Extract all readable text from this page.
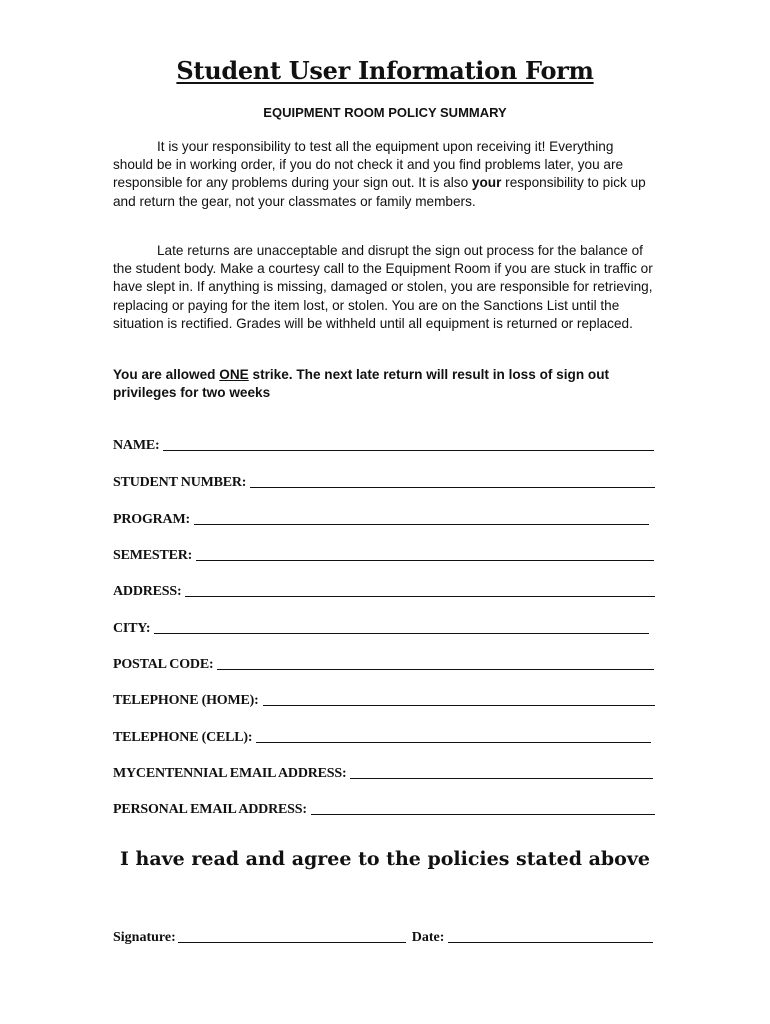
Student User Information Form
EQUIPMENT ROOM POLICY SUMMARY

It is your responsibility to test all the equipment upon receiving it! Everything should be in working order, if you do not check it and you find problems later, you are responsible for any problems during your sign out. It is also your responsibility to pick up and return the gear, not your classmates or family members.

Late returns are unacceptable and disrupt the sign out process for the balance of the student body. Make a courtesy call to the Equipment Room if you are stuck in traffic or have slept in. If anything is missing, damaged or stolen, you are responsible for retrieving, replacing or paying for the item lost, or stolen. You are on the Sanctions List until the situation is rectified. Grades will be withheld until all equipment is returned or replaced.

You are allowed ONE strike. The next late return will result in loss of sign out privileges for two weeks

NAME:
STUDENT NUMBER:
PROGRAM:
SEMESTER:
ADDRESS:
CITY:
POSTAL CODE:
TELEPHONE (HOME):
TELEPHONE (CELL):
MYCENTENNIAL EMAIL ADDRESS:
PERSONAL EMAIL ADDRESS:
I have read and agree to the policies stated above
Signature:	Date:
